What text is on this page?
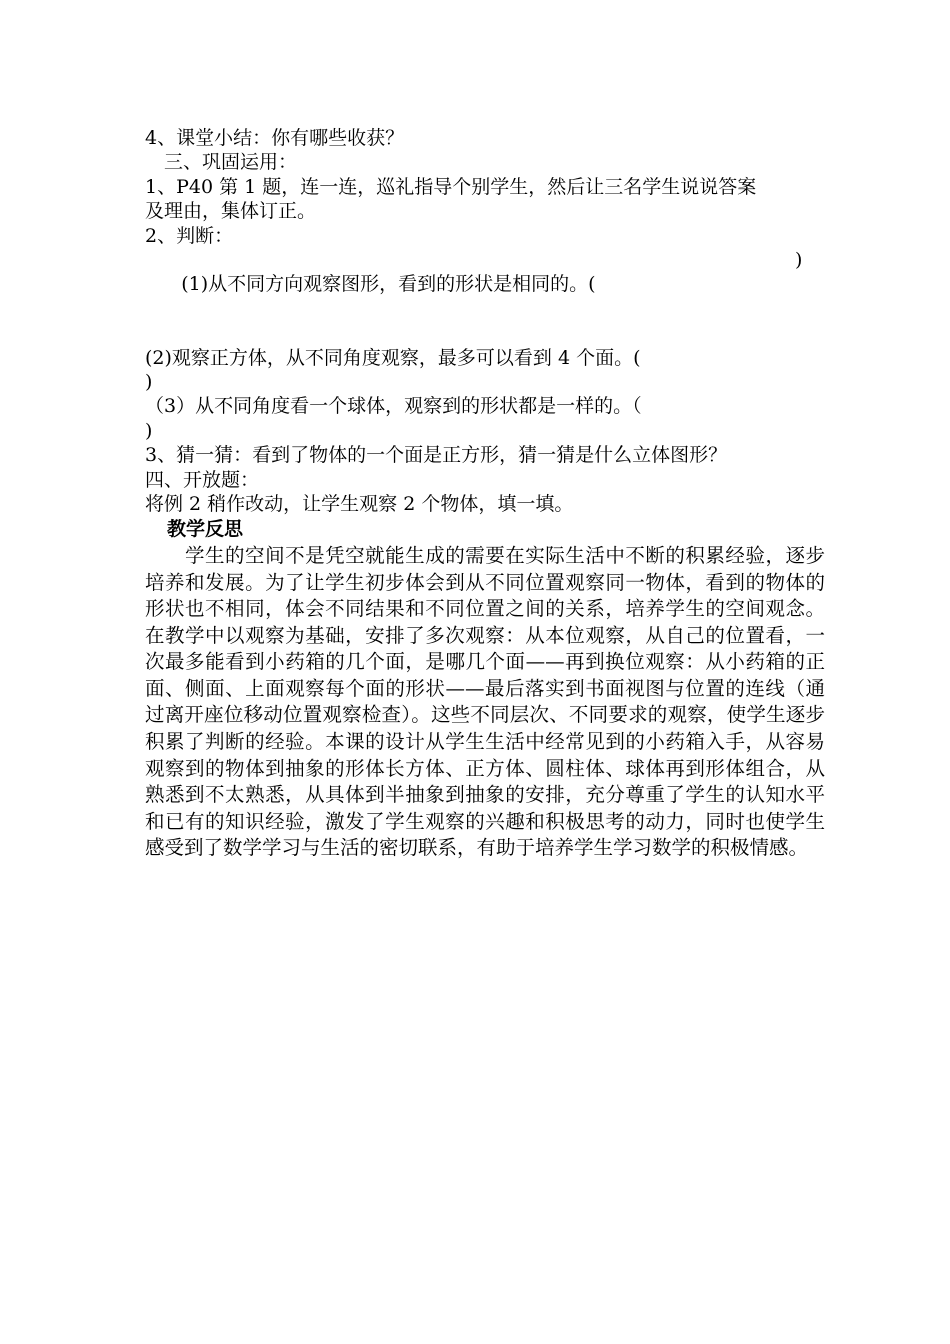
4、课堂小结：你有哪些收获？
三、巩固运用：
1、P40 第 1 题，连一连，巡礼指导个别学生，然后让三名学生说说答案
及理由，集体订正。
2、判断：

(1)从不同方向观察图形，看到的形状是相同的。(

)

(2)观察正方体，从不同角度观察，最多可以看到 4 个面。(
)
（3）从不同角度看一个球体，观察到的形状都是一样的。（
)
3、猜一猜：看到了物体的一个面是正方形，猜一猜是什么立体图形？
四、开放题：
将例 2 稍作改动，让学生观察 2 个物体，填一填。
教学反思
学生的空间不是凭空就能生成的需要在实际生活中不断的积累经验，逐步培养和发展。为了让学生初步体会到从不同位置观察同一物体，看到的物体的形状也不相同，体会不同结果和不同位置之间的关系，培养学生的空间观念。在教学中以观察为基础，安排了多次观察：从本位观察，从自己的位置看，一次最多能看到小药箱的几个面，是哪几个面——再到换位观察：从小药箱的正面、侧面、上面观察每个面的形状——最后落实到书面视图与位置的连线（通过离开座位移动位置观察检查）。这些不同层次、不同要求的观察，使学生逐步积累了判断的经验。本课的设计从学生生活中经常见到的小药箱入手，从容易观察到的物体到抽象的形体长方体、正方体、圆柱体、球体再到形体组合，从熟悉到不太熟悉，从具体到半抽象到抽象的安排，充分尊重了学生的认知水平和已有的知识经验，激发了学生观察的兴趣和积极思考的动力，同时也使学生感受到了数学学习与生活的密切联系，有助于培养学生学习数学的积极情感。
